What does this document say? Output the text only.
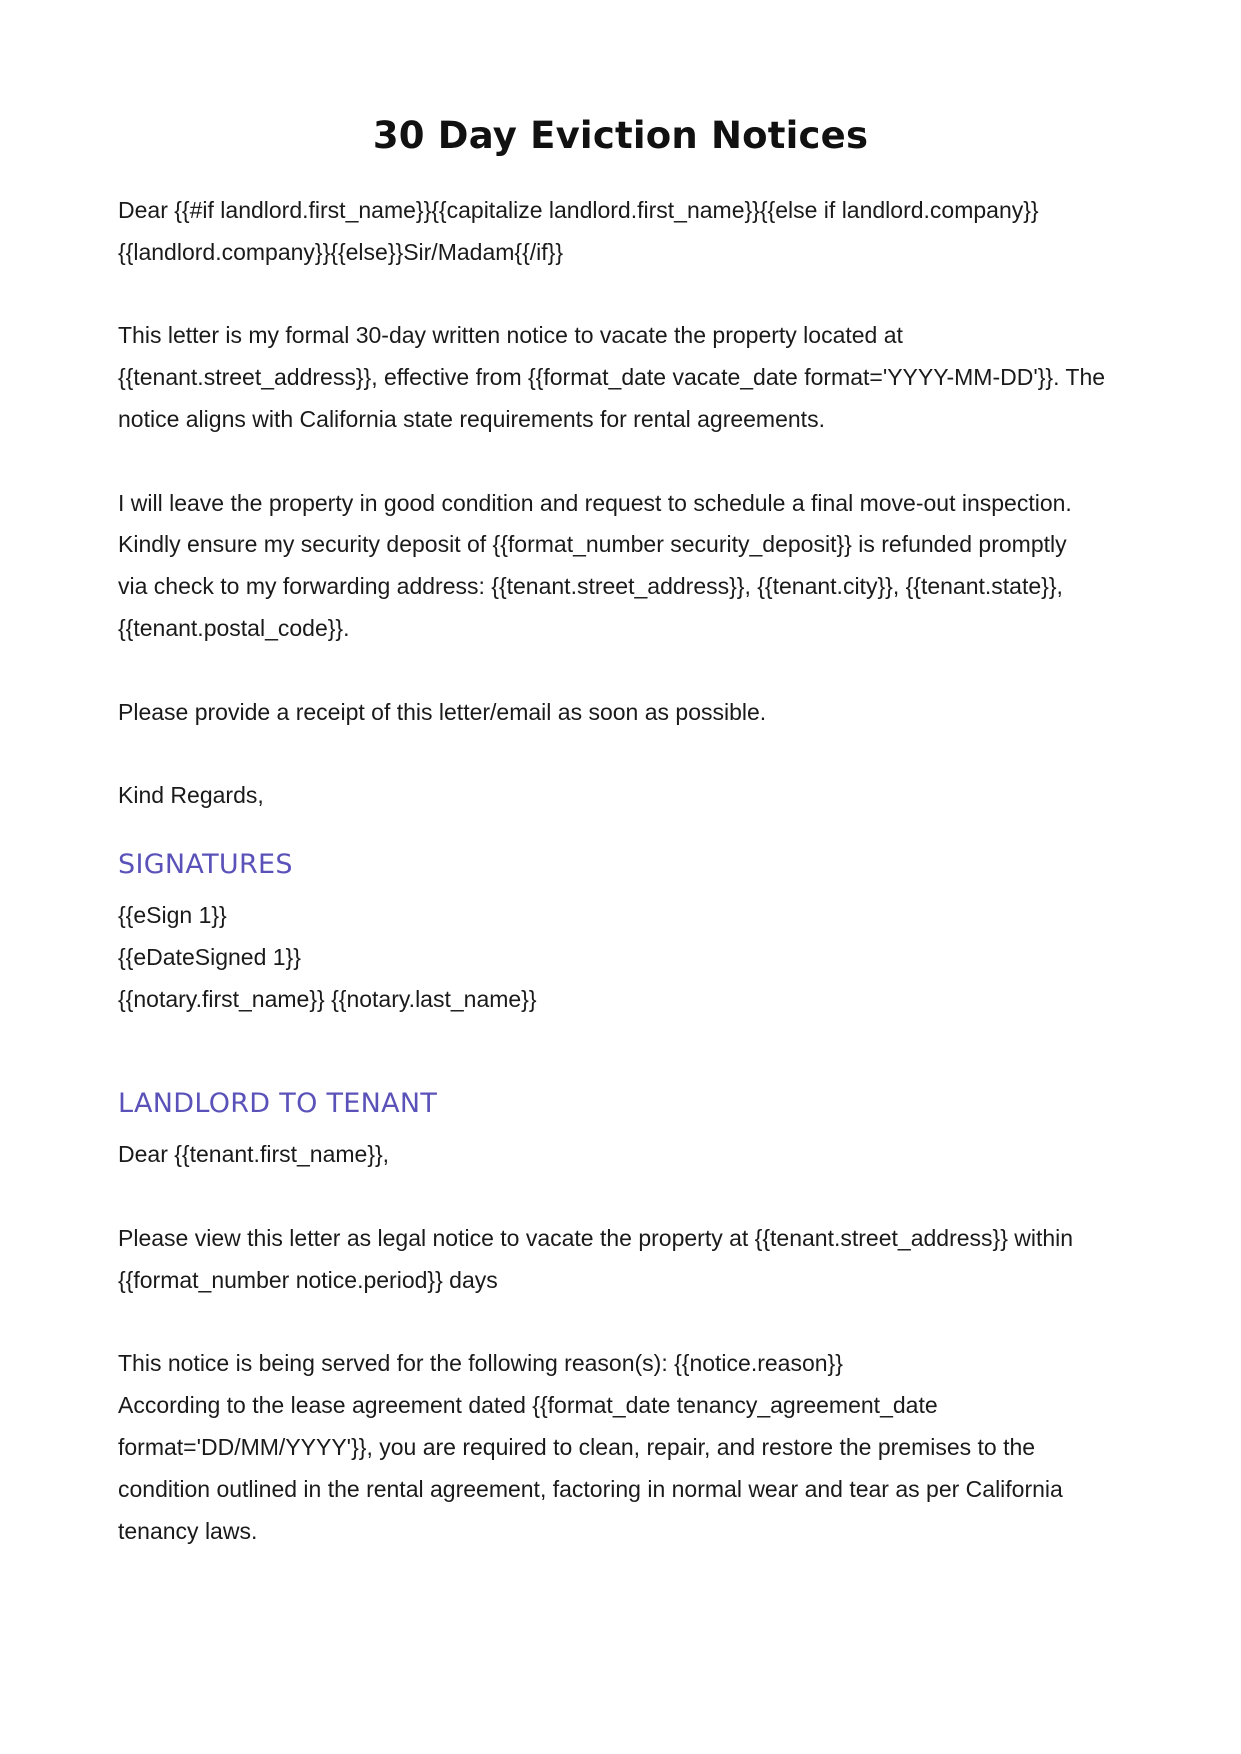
30 Day Eviction Notices

Dear {{#if landlord.first_name}}{{capitalize landlord.first_name}}{{else if landlord.company}}

{{landlord.company}}{{else}}Sir/Madam{{/if}}

This letter is my formal 30-day written notice to vacate the property located at

{{tenant.street_address}}, effective from {{format_date vacate_date format='YYYY-MM-DD'}}. The

notice aligns with California state requirements for rental agreements.

I will leave the property in good condition and request to schedule a final move-out inspection.

Kindly ensure my security deposit of {{format_number security_deposit}} is refunded promptly

via check to my forwarding address: {{tenant.street_address}}, {{tenant.city}}, {{tenant.state}},

{{tenant.postal_code}}.

Please provide a receipt of this letter/email as soon as possible.

Kind Regards,

SIGNATURES

{{eSign 1}}

{{eDateSigned 1}}

{{notary.first_name}} {{notary.last_name}}

LANDLORD TO TENANT

Dear {{tenant.first_name}},

Please view this letter as legal notice to vacate the property at {{tenant.street_address}} within

{{format_number notice.period}} days

This notice is being served for the following reason(s): {{notice.reason}}

According to the lease agreement dated {{format_date tenancy_agreement_date

format='DD/MM/YYYY'}}, you are required to clean, repair, and restore the premises to the

condition outlined in the rental agreement, factoring in normal wear and tear as per California

tenancy laws.
